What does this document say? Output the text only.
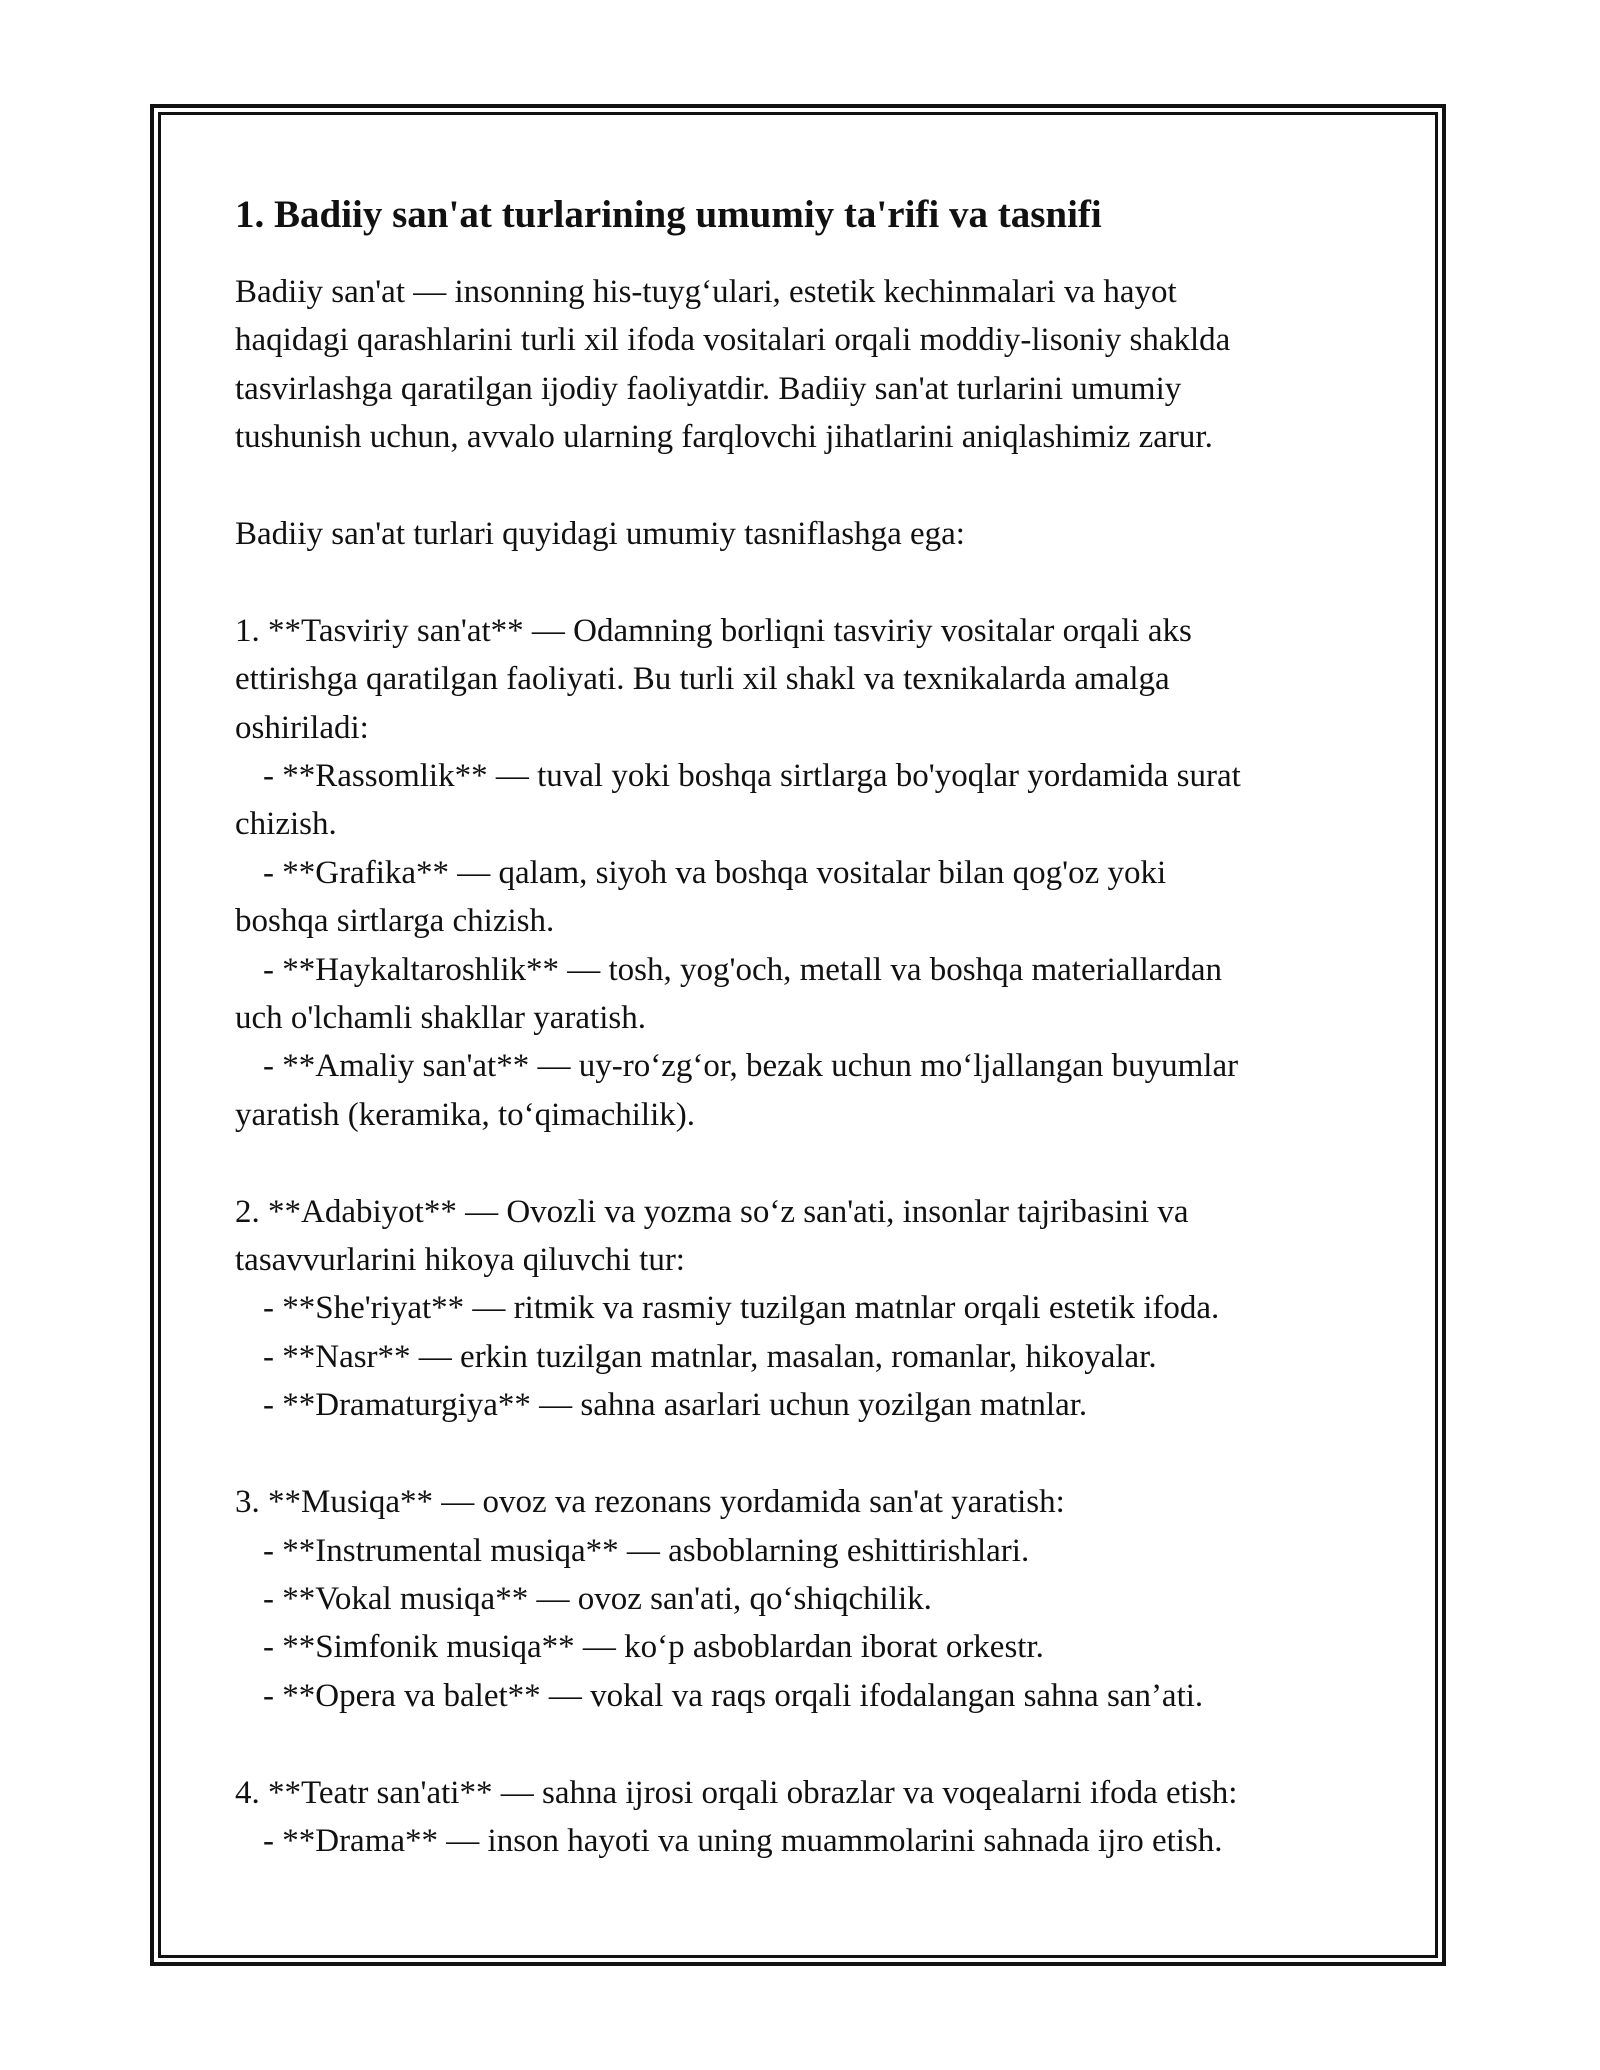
1. Badiiy san'at turlarining umumiy ta'rifi va tasnifi

Badiiy san'at — insonning his-tuyg‘ulari, estetik kechinmalari va hayot

haqidagi qarashlarini turli xil ifoda vositalari orqali moddiy-lisoniy shaklda

tasvirlashga qaratilgan ijodiy faoliyatdir. Badiiy san'at turlarini umumiy

tushunish uchun, avvalo ularning farqlovchi jihatlarini aniqlashimiz zarur.

Badiiy san'at turlari quyidagi umumiy tasniflashga ega:

1. **Tasviriy san'at** — Odamning borliqni tasviriy vositalar orqali aks

ettirishga qaratilgan faoliyati. Bu turli xil shakl va texnikalarda amalga

oshiriladi:

- **Rassomlik** — tuval yoki boshqa sirtlarga bo'yoqlar yordamida surat

chizish.

- **Grafika** — qalam, siyoh va boshqa vositalar bilan qog'oz yoki

boshqa sirtlarga chizish.

- **Haykaltaroshlik** — tosh, yog'och, metall va boshqa materiallardan

uch o'lchamli shakllar yaratish.

- **Amaliy san'at** — uy-ro‘zg‘or, bezak uchun mo‘ljallangan buyumlar

yaratish (keramika, to‘qimachilik).

2. **Adabiyot** — Ovozli va yozma so‘z san'ati, insonlar tajribasini va

tasavvurlarini hikoya qiluvchi tur:

- **She'riyat** — ritmik va rasmiy tuzilgan matnlar orqali estetik ifoda.

- **Nasr** — erkin tuzilgan matnlar, masalan, romanlar, hikoyalar.

- **Dramaturgiya** — sahna asarlari uchun yozilgan matnlar.

3. **Musiqa** — ovoz va rezonans yordamida san'at yaratish:

- **Instrumental musiqa** — asboblarning eshittirishlari.

- **Vokal musiqa** — ovoz san'ati, qo‘shiqchilik.

- **Simfonik musiqa** — ko‘p asboblardan iborat orkestr.

- **Opera va balet** — vokal va raqs orqali ifodalangan sahna san’ati.

4. **Teatr san'ati** — sahna ijrosi orqali obrazlar va voqealarni ifoda etish:

- **Drama** — inson hayoti va uning muammolarini sahnada ijro etish.
